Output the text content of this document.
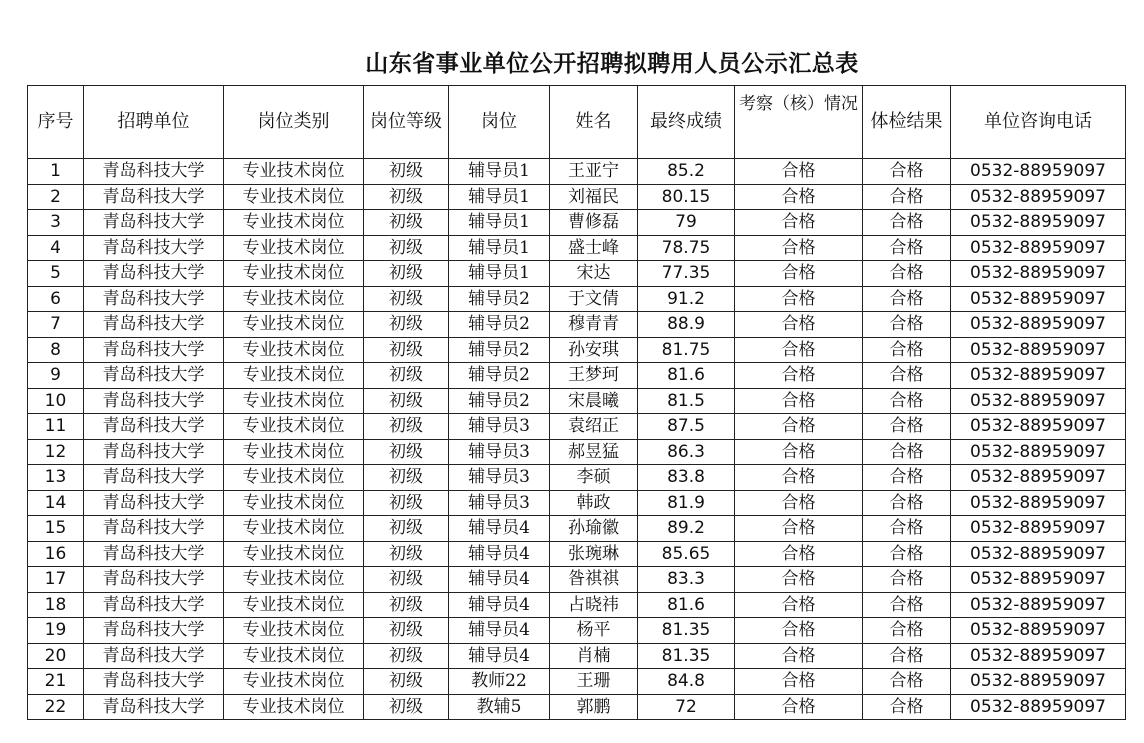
山东省事业单位公开招聘拟聘用人员公示汇总表
序号	招聘单位	岗位类别	岗位等级	岗位	姓名	最终成绩	考察（核）情况	体检结果	单位咨询电话
1	青岛科技大学	专业技术岗位	初级	辅导员1	王亚宁	85.2	合格	合格	0532-88959097
2	青岛科技大学	专业技术岗位	初级	辅导员1	刘福民	80.15	合格	合格	0532-88959097
3	青岛科技大学	专业技术岗位	初级	辅导员1	曹修磊	79	合格	合格	0532-88959097
4	青岛科技大学	专业技术岗位	初级	辅导员1	盛士峰	78.75	合格	合格	0532-88959097
5	青岛科技大学	专业技术岗位	初级	辅导员1	宋达	77.35	合格	合格	0532-88959097
6	青岛科技大学	专业技术岗位	初级	辅导员2	于文倩	91.2	合格	合格	0532-88959097
7	青岛科技大学	专业技术岗位	初级	辅导员2	穆青青	88.9	合格	合格	0532-88959097
8	青岛科技大学	专业技术岗位	初级	辅导员2	孙安琪	81.75	合格	合格	0532-88959097
9	青岛科技大学	专业技术岗位	初级	辅导员2	王梦珂	81.6	合格	合格	0532-88959097
10	青岛科技大学	专业技术岗位	初级	辅导员2	宋晨曦	81.5	合格	合格	0532-88959097
11	青岛科技大学	专业技术岗位	初级	辅导员3	袁绍正	87.5	合格	合格	0532-88959097
12	青岛科技大学	专业技术岗位	初级	辅导员3	郝昱猛	86.3	合格	合格	0532-88959097
13	青岛科技大学	专业技术岗位	初级	辅导员3	李硕	83.8	合格	合格	0532-88959097
14	青岛科技大学	专业技术岗位	初级	辅导员3	韩政	81.9	合格	合格	0532-88959097
15	青岛科技大学	专业技术岗位	初级	辅导员4	孙瑜徽	89.2	合格	合格	0532-88959097
16	青岛科技大学	专业技术岗位	初级	辅导员4	张琬琳	85.65	合格	合格	0532-88959097
17	青岛科技大学	专业技术岗位	初级	辅导员4	昝祺祺	83.3	合格	合格	0532-88959097
18	青岛科技大学	专业技术岗位	初级	辅导员4	占晓祎	81.6	合格	合格	0532-88959097
19	青岛科技大学	专业技术岗位	初级	辅导员4	杨平	81.35	合格	合格	0532-88959097
20	青岛科技大学	专业技术岗位	初级	辅导员4	肖楠	81.35	合格	合格	0532-88959097
21	青岛科技大学	专业技术岗位	初级	教师22	王珊	84.8	合格	合格	0532-88959097
22	青岛科技大学	专业技术岗位	初级	教辅5	郭鹏	72	合格	合格	0532-88959097
